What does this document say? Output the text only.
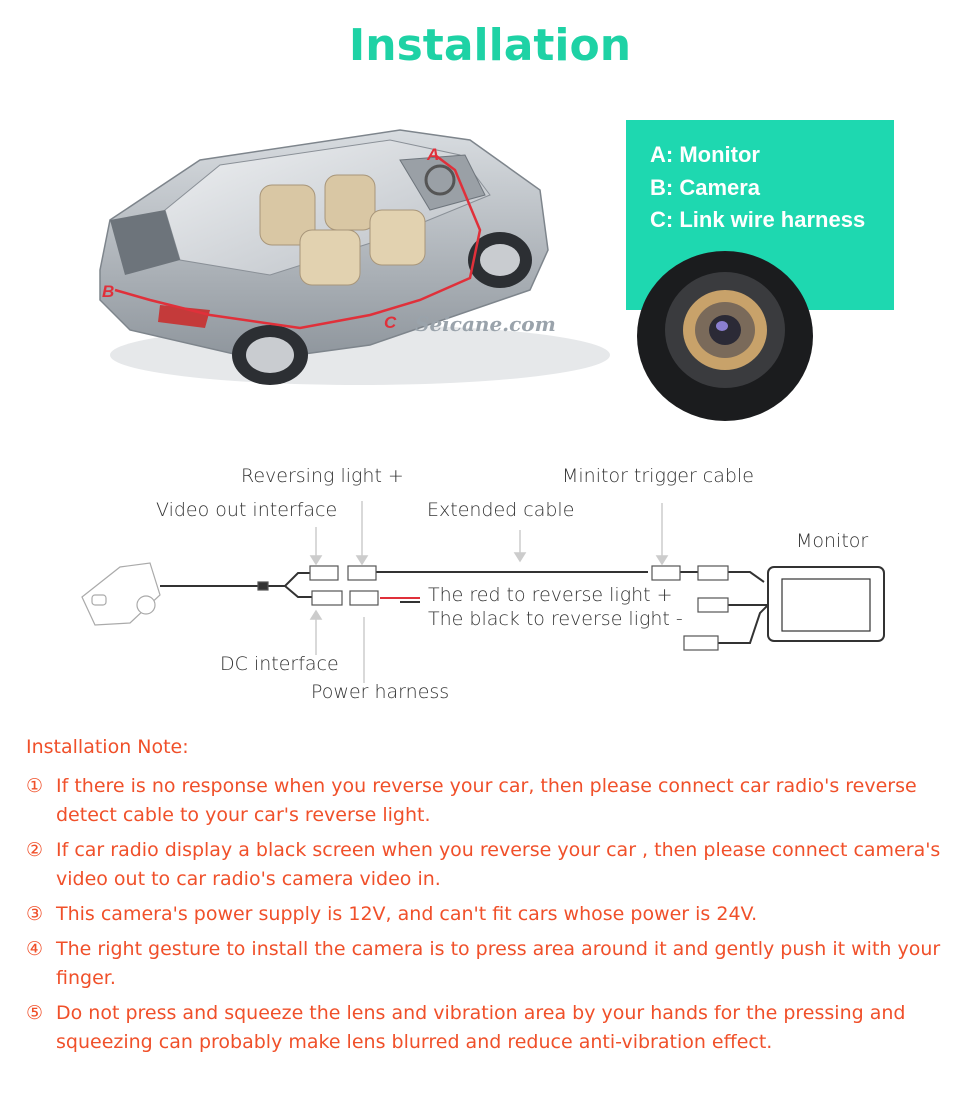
Installation
A
B
C Seicane.com
A: Monitor
B: Camera
C: Link wire harness
Reversing light +	Minitor trigger cable
Video out interface	Extended cable
Monitor
The red to reverse light +
The black to reverse light -
DC interface
Power harness
Installation Note:
① If there is no response when you reverse your car, then please connect car radio's reverse detect cable to your car's reverse light.
② If car radio display a black screen when you reverse your car , then please connect camera's video out to car radio's camera video in.
③ This camera's power supply is 12V, and can't fit cars whose power is 24V.
④ The right gesture to install the camera is to press area around it and gently push it with your finger.
⑤ Do not press and squeeze the lens and vibration area by your hands for the pressing and squeezing can probably make lens blurred and reduce anti-vibration effect.
